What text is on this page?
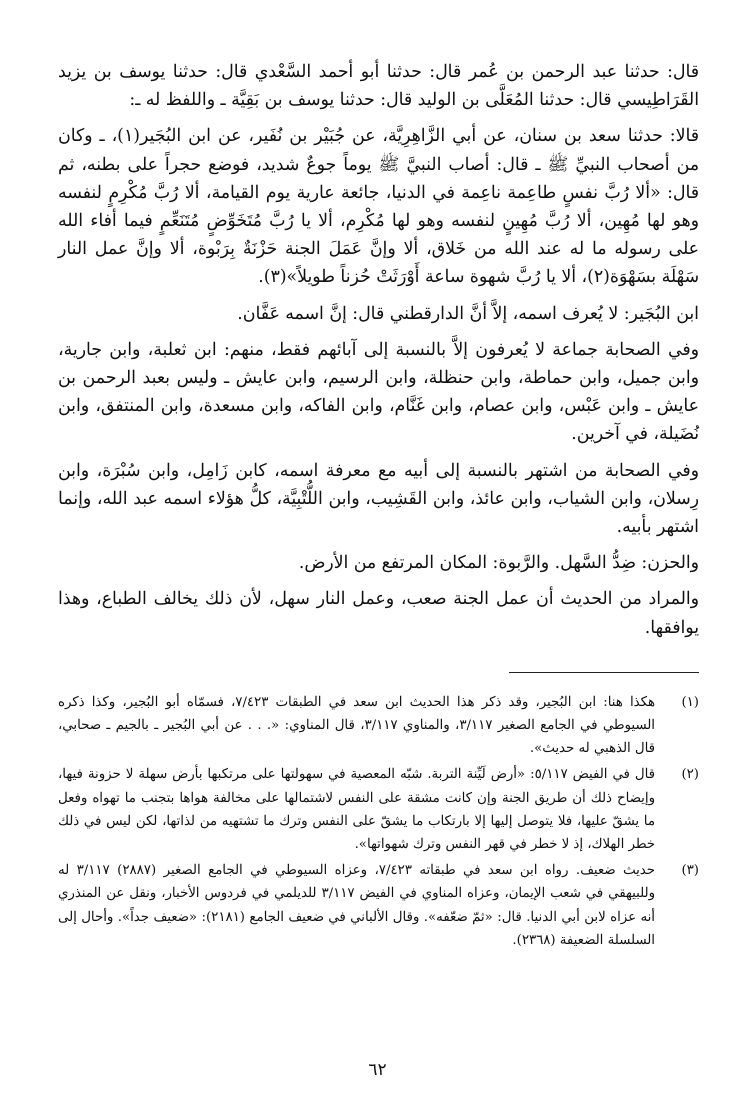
قال: حدثنا عبد الرحمن بن عُمر قال: حدثنا أبو أحمد السَّعْدي قال: حدثنا يوسف بن يزيد القَرَاطِيسي قال: حدثنا المُعَلَّى بن الوليد قال: حدثنا يوسف بن بَقِيَّة ـ واللفظ له ـ:

قالا: حدثنا سعد بن سنان، عن أبي الزَّاهِرِيَّة، عن جُبَيْر بن نُفَير، عن ابن البُجَير(١)، ـ وكان من أصحاب النبيِّ ﷺ ـ قال: أصاب النبيَّ ﷺ يوماً جوعٌ شديد، فوضع حجراً على بطنه، ثم قال: «ألا رُبَّ نفسٍ طاعِمة ناعِمة في الدنيا، جائعة عارية يوم القيامة، ألا رُبَّ مُكْرِمٍ لنفسه وهو لها مُهِين، ألا رُبَّ مُهِينٍ لنفسه وهو لها مُكْرِم، ألا يا رُبَّ مُتَخَوِّضٍ مُتَنَعِّمٍ فيما أفاء الله على رسوله ما له عند الله من خَلاق، ألا وإنَّ عَمَلَ الجنة حَزْنَةٌ بِرَبْوة، ألا وإنَّ عمل النار سَهْلَة بسَهْوَة(٢)، ألا يا رُبَّ شهوة ساعة أَوْرَثَتْ حُزناً طويلاً»(٣).

ابن البُجَير: لا يُعرف اسمه، إلاَّ أنَّ الدارقطني قال: إنَّ اسمه عَفَّان.

وفي الصحابة جماعة لا يُعرفون إلاَّ بالنسبة إلى آبائهم فقط، منهم: ابن ثعلبة، وابن جارية، وابن جميل، وابن حماطة، وابن حنظلة، وابن الرسيم، وابن عايش ـ وليس بعبد الرحمن بن عايش ـ وابن عَبْس، وابن عصام، وابن غَنَّام، وابن الفاكه، وابن مسعدة، وابن المنتفق، وابن نُضَيلة، في آخرين.

وفي الصحابة من اشتهر بالنسبة إلى أبيه مع معرفة اسمه، كابن زَامِل، وابن سُبْرَة، وابن رِسلان، وابن الشياب، وابن عائذ، وابن القَشِيب، وابن اللُّتْبِيَّة، كلُّ هؤلاء اسمه عبد الله، وإنما اشتهر بأبيه.

والحزن: ضِدُّ السَّهل. والرَّبوة: المكان المرتفع من الأرض.

والمراد من الحديث أن عمل الجنة صعب، وعمل النار سهل، لأن ذلك يخالف الطباع، وهذا يوافقها.

(١)
هكذا هنا: ابن البُجير، وقد ذكر هذا الحديث ابن سعد في الطبقات ٧/٤٢٣، فسمّاه أبو البُجير، وكذا ذكره السيوطي في الجامع الصغير ٣/١١٧، والمناوي ٣/١١٧، قال المناوي: «. . . عن أبي البُجير ـ بالجيم ـ صحابي، قال الذهبي له حديث».
(٢)
قال في الفيض ٥/١١٧: «أرض لَيِّنة التربة. شبّه المعصية في سهولتها على مرتكبها بأرض سهلة لا حزونة فيها، وإيضاح ذلك أن طريق الجنة وإن كانت مشقة على النفس لاشتمالها على مخالفة هواها بتجنب ما تهواه وفعل ما يشقّ عليها، فلا يتوصل إليها إلا بارتكاب ما يشقّ على النفس وترك ما تشتهيه من لذاتها، لكن ليس في ذلك خطر الهلاك، إذ لا خطر في قهر النفس وترك شهواتها».
(٣)
حديث ضعيف. رواه ابن سعد في طبقاته ٧/٤٢٣، وعزاه السيوطي في الجامع الصغير (٢٨٨٧) ٣/١١٧ له وللبيهقي في شعب الإيمان، وعزاه المناوي في الفيض ٣/١١٧ للديلمي في فردوس الأخبار، ونقل عن المنذري أنه عزاه لابن أبي الدنيا. قال: «ثمّ ضعّفه». وقال الألباني في ضعيف الجامع (٢١٨١): «ضعيف جداً». وأحال إلى السلسلة الضعيفة (٢٣٦٨).
٦٢
